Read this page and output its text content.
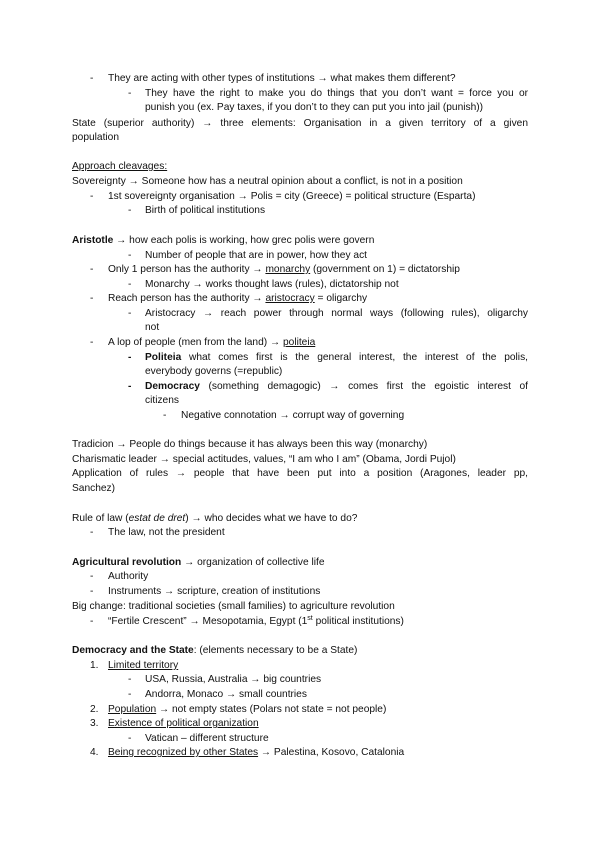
- They are acting with other types of institutions → what makes them different?
- They have the right to make you do things that you don’t want = force you or
punish you (ex. Pay taxes, if you don’t to they can put you into jail (punish))
State (superior authority) → three elements: Organisation in a given territory of a given
population
Approach cleavages:
Sovereignty → Someone how has a neutral opinion about a conflict, is not in a position
- 1st sovereignty organisation → Polis = city (Greece) = political structure (Esparta)
- Birth of political institutions
Aristotle → how each polis is working, how grec polis were govern
- Number of people that are in power, how they act
- Only 1 person has the authority → monarchy (government on 1) = dictatorship
- Monarchy → works thought laws (rules), dictatorship not
- Reach person has the authority → aristocracy = oligarchy
- Aristocracy → reach power through normal ways (following rules), oligarchy
not
- A lop of people (men from the land) → politeia
- Politeia what comes first is the general interest, the interest of the polis,
everybody governs (=republic)
- Democracy (something demagogic) → comes first the egoistic interest of
citizens
- Negative connotation → corrupt way of governing
Tradicion → People do things because it has always been this way (monarchy)
Charismatic leader → special actitudes, values, “I am who I am” (Obama, Jordi Pujol)
Application of rules → people that have been put into a position (Aragones, leader pp,
Sanchez)
Rule of law (estat de dret) → who decides what we have to do?
- The law, not the president
Agricultural revolution → organization of collective life
- Authority
- Instruments → scripture, creation of institutions
Big change: traditional societies (small families) to agriculture revolution
- “Fertile Crescent” → Mesopotamia, Egypt (1st political institutions)
Democracy and the State: (elements necessary to be a State)
1. Limited territory
- USA, Russia, Australia → big countries
- Andorra, Monaco → small countries
2. Population → not empty states (Polars not state = not people)
3. Existence of political organization
- Vatican – different structure
4. Being recognized by other States → Palestina, Kosovo, Catalonia
